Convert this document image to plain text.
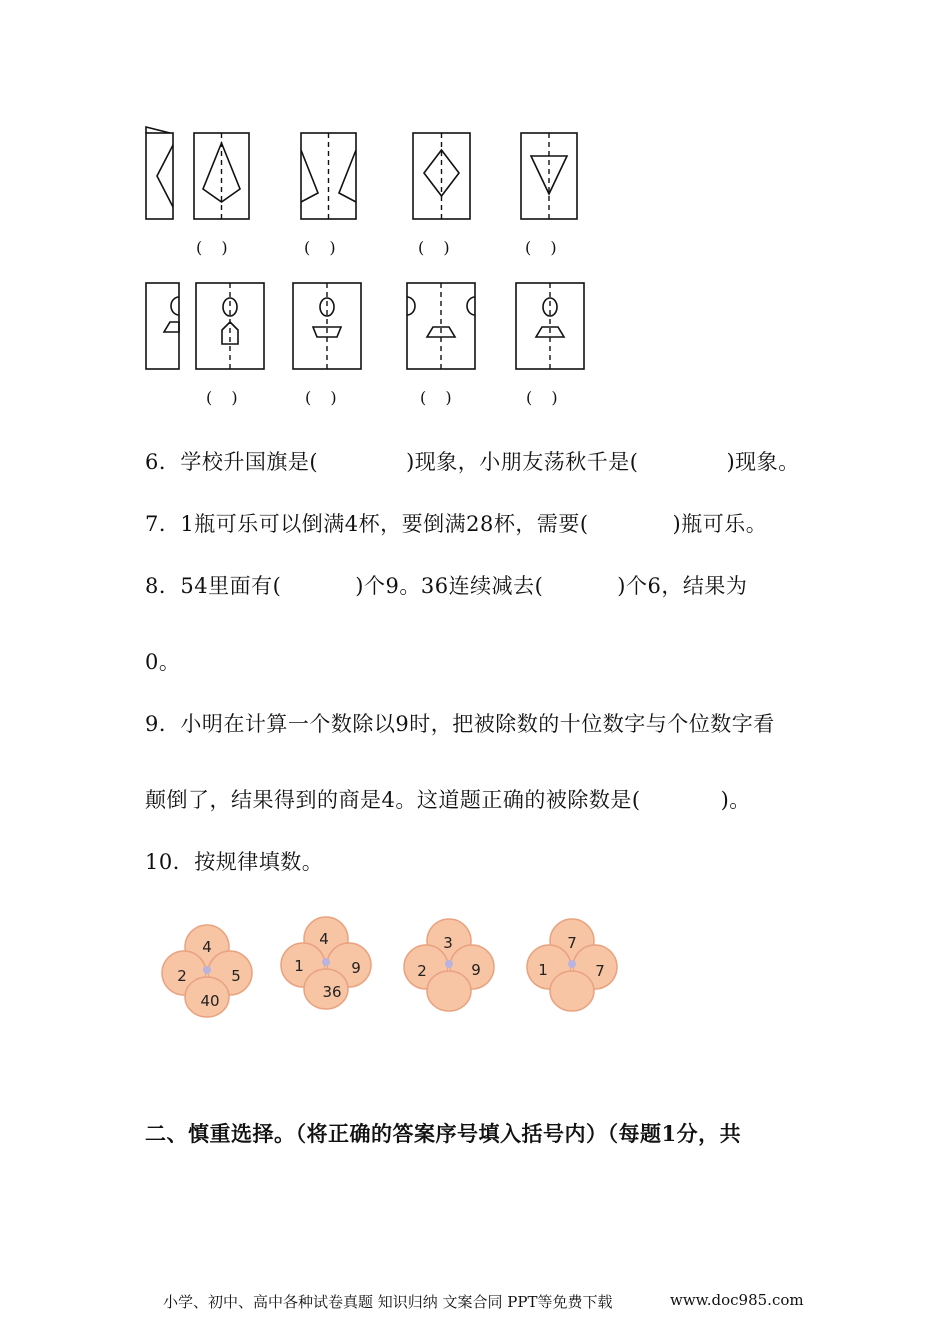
4
2	5
40
4
1	9
36
3
2	9
7
1	7
( )	( )	( )	( )
( )	( )	( )	( )
6．学校升国旗是(	)现象，小朋友荡秋千是(	)现象。
7．1瓶可乐可以倒满4杯，要倒满28杯，需要(	)瓶可乐。
8．54里面有(	)个9。36连续减去(	)个6，结果为
0。
9．小明在计算一个数除以9时，把被除数的十位数字与个位数字看
颠倒了，结果得到的商是4。这道题正确的被除数是(	)。
10．按规律填数。
二、慎重选择。（将正确的答案序号填入括号内）（每题1分，共
小学、初中、高中各种试卷真题 知识归纳 文案合同 PPT等免费下载	www.doc985.com
